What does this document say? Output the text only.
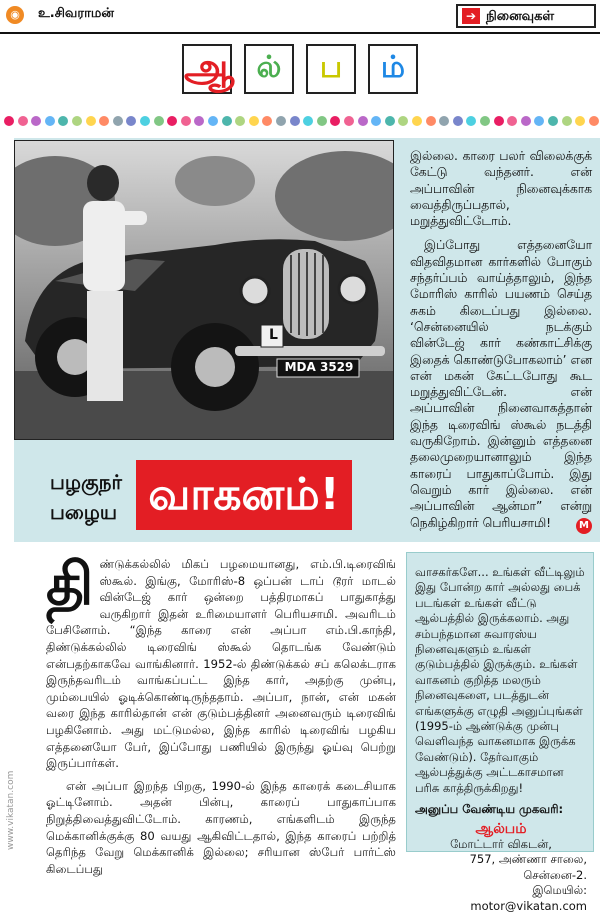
◉	உ.சிவராமன்	➔ நினைவுகள்
ஆ ல்	ப	ம்
L
MDA 3529

இல்லை. காரை பலர் விலைக்குக் கேட்டு வந்தனர். என் அப்பாவின் நினைவுக்காக வைத்திருப்பதால், மறுத்துவிட்டோம்.

இப்போது எத்தனையோ விதவிதமான கார்களில் போகும் சந்தர்ப்பம் வாய்த்தாலும், இந்த மோரிஸ் காரில் பயணம் செய்த சுகம் கிடைப்பது இல்லை. ‘சென்னையில் நடக்கும் வின்டேஜ் கார் கண்காட்சிக்கு இதைக் கொண்டுபோகலாம்’ என என் மகன் கேட்டபோது கூட மறுத்துவிட்டேன். என் அப்பாவின் நினைவாகத்தான் இந்த டிரைவிங் ஸ்கூல் நடத்தி வருகிறோம். இன்னும் எத்தனை தலைமுறையானாலும் இந்த காரைப் பாதுகாப்போம். இது வெறும் கார் இல்லை. என் அப்பாவின் ஆன்மா” என்று நெகிழ்கிறார் பெரியசாமி!

பழகுநர்
பழைய வாகனம்!
M
www.vikatan.com

திண்டுக்கல்லில் மிகப் பழமையானது, எம்.பி.டிரைவிங் ஸ்கூல். இங்கு, மோரிஸ்-8 ஒப்பன் டாப் டூரர் மாடல் வின்டேஜ் கார் ஒன்றை பத்திரமாகப் பாதுகாத்து வருகிறார் இதன் உரிமையாளர் பெரியசாமி. அவரிடம் பேசினோம். “இந்த காரை என் அப்பா எம்.பி.காந்தி, திண்டுக்கல்லில் டிரைவிங் ஸ்கூல் தொடங்க வேண்டும் என்பதற்காகவே வாங்கினார். 1952-ல் திண்டுக்கல் சப் கலெக்டராக இருந்தவரிடம் வாங்கப்பட்ட இந்த கார், அதற்கு முன்பு, மும்பையில் ஓடிக்கொண்டிருந்ததாம். அப்பா, நான், என் மகன் வரை இந்த காரில்தான் என் குடும்பத்தினர் அனைவரும் டிரைவிங் பழகினோம். அது மட்டுமல்ல, இந்த காரில் டிரைவிங் பழகிய எத்தனையோ பேர், இப்போது பணியில் இருந்து ஓய்வு பெற்று இருப்பார்கள்.

என் அப்பா இறந்த பிறகு, 1990-ல் இந்த காரைக் கடைசியாக ஓட்டினோம். அதன் பின்பு, காரைப் பாதுகாப்பாக நிறுத்திவைத்துவிட்டோம். காரணம், எங்களிடம் இருந்த மெக்கானிக்குக்கு 80 வயது ஆகிவிட்டதால், இந்த காரைப் பற்றித் தெரிந்த வேறு மெக்கானிக் இல்லை; சரியான ஸ்பேர் பார்ட்ஸ் கிடைப்பது

வாசகர்களே... உங்கள் வீட்டிலும் இது போன்ற கார் அல்லது பைக் படங்கள் உங்கள் வீட்டு ஆல்பத்தில் இருக்கலாம். அது சம்பந்தமான சுவாரஸ்ய நினைவுகளும் உங்கள் குடும்பத்தில் இருக்கும். உங்கள் வாகனம் குறித்த மலரும் நினைவுகளை, படத்துடன் எங்களுக்கு எழுதி அனுப்புங்கள் (1995-ம் ஆண்டுக்கு முன்பு வெளிவந்த வாகனமாக இருக்க வேண்டும்). தேர்வாகும் ஆல்பத்துக்கு அட்டகாசமான பரிசு காத்திருக்கிறது!
அனுப்ப வேண்டிய முகவரி:
ஆல்பம்
மோட்டார் விகடன்,
757, அண்ணா சாலை, சென்னை-2.
இமெயில்: motor@vikatan.com
